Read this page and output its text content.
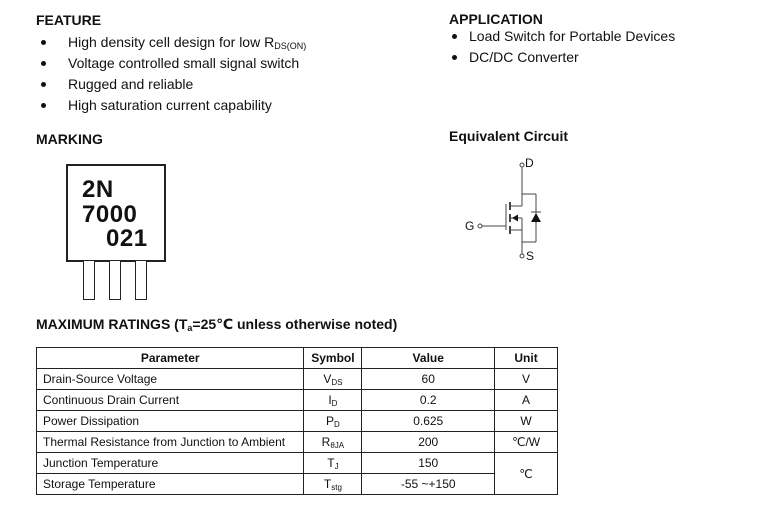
FEATURE
High density cell design for low $R_{DS(ON)}$
Voltage controlled small signal switch
Rugged and reliable
High saturation current capability
APPLICATION
Load Switch for Portable Devices
DC/DC Converter
MARKING
2N
7000
021
Equivalent Circuit
D
G
S
MAXIMUM RATINGS ($T_a=25℃$ unless otherwise noted)
Parameter	Symbol	Value	Unit
Drain-Source Voltage	$V_{DS}$	60	V
Continuous Drain Current	$I_D$	0.2	A
Power Dissipation	$P_D$	0.625	W
Thermal Resistance from Junction to Ambient	$R_{\theta JA}$	200	℃/W
Junction Temperature	$T_J$	150	℃
Storage Temperature	$T_{stg}$	-55 ~+150	
